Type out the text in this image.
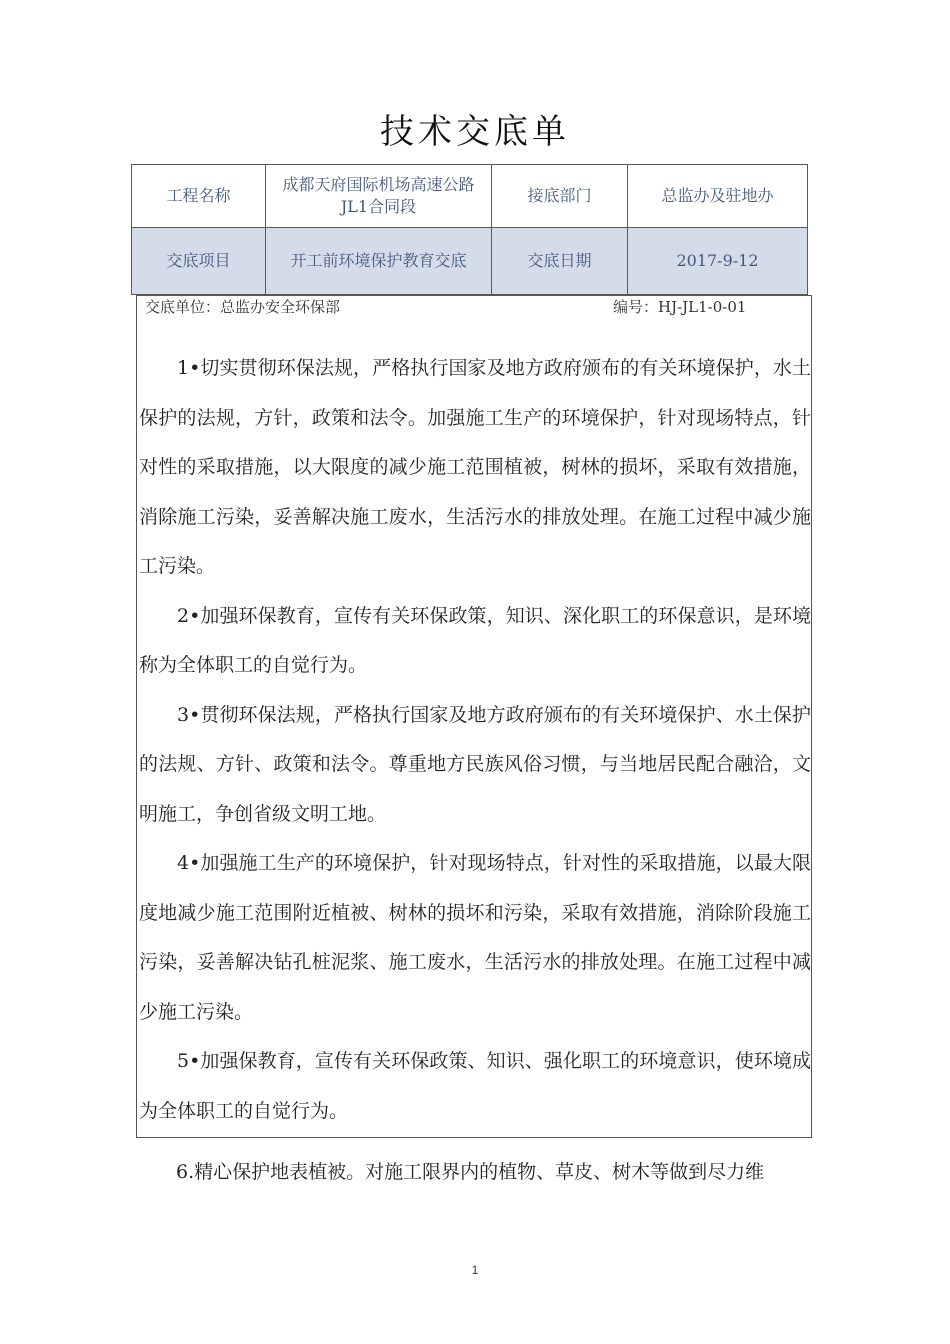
技术交底单
工程名称	成都天府国际机场高速公路JL1合同段	接底部门	总监办及驻地办
交底项目	开工前环境保护教育交底	交底日期	2017-9-12
交底单位：总监办安全环保部	编号：HJ-JL1-0-01

1•切实贯彻环保法规，严格执行国家及地方政府颁布的有关环境保护，水土保护的法规，方针，政策和法令。加强施工生产的环境保护，针对现场特点，针对性的采取措施，以大限度的减少施工范围植被，树林的损坏，采取有效措施，消除施工污染，妥善解决施工废水，生活污水的排放处理。在施工过程中减少施工污染。

2•加强环保教育，宣传有关环保政策，知识、深化职工的环保意识，是环境称为全体职工的自觉行为。

3•贯彻环保法规，严格执行国家及地方政府颁布的有关环境保护、水土保护的法规、方针、政策和法令。尊重地方民族风俗习惯，与当地居民配合融洽，文明施工，争创省级文明工地。

4•加强施工生产的环境保护，针对现场特点，针对性的采取措施，以最大限度地减少施工范围附近植被、树林的损坏和污染，采取有效措施，消除阶段施工污染，妥善解决钻孔桩泥浆、施工废水，生活污水的排放处理。在施工过程中减少施工污染。

5•加强保教育，宣传有关环保政策、知识、强化职工的环境意识，使环境成为全体职工的自觉行为。

6.精心保护地表植被。对施工限界内的植物、草皮、树木等做到尽力维

1
